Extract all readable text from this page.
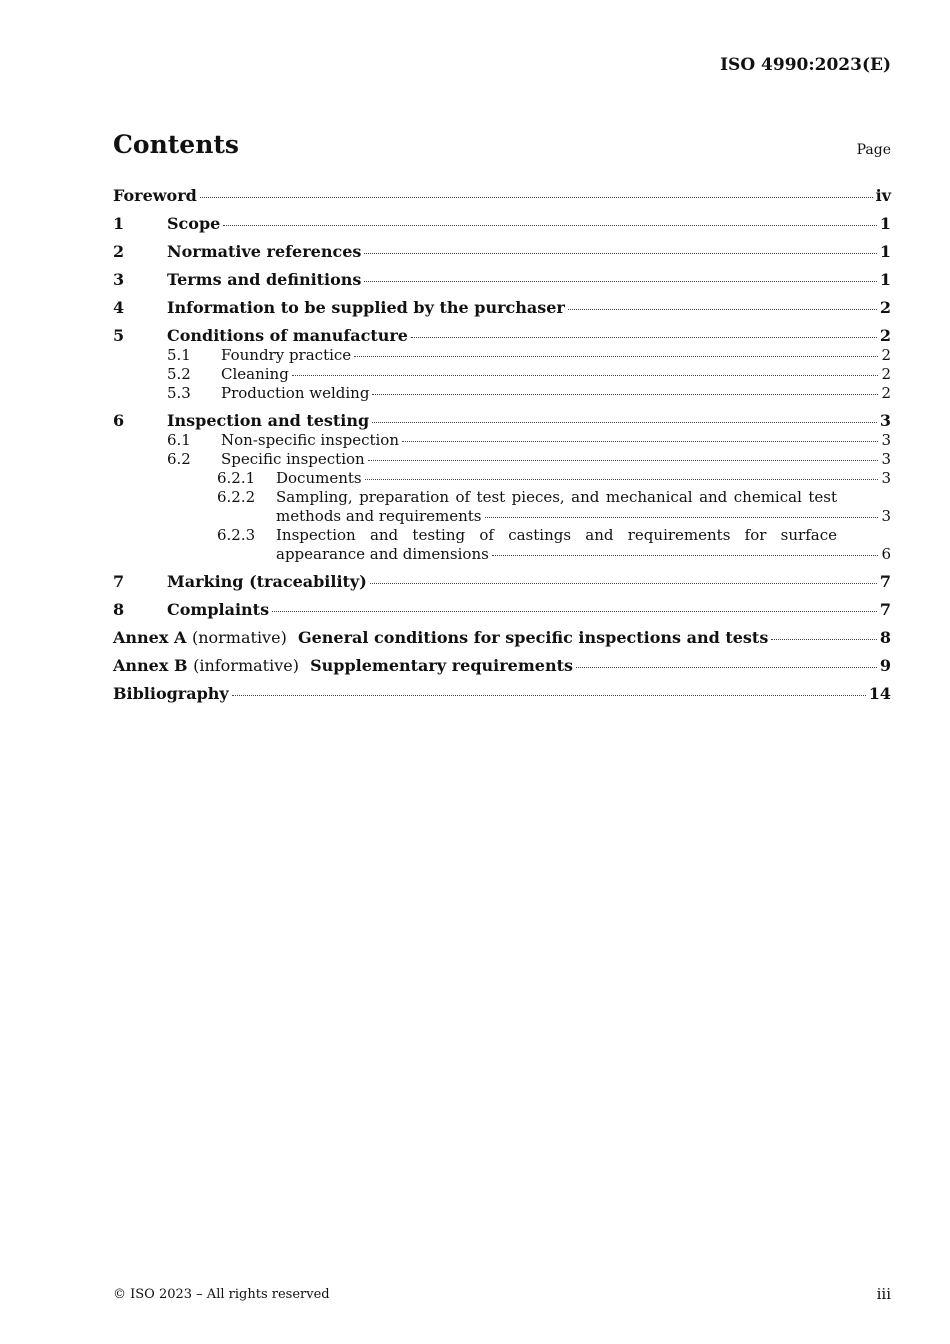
ISO 4990:2023(E)
Contents	Page
Foreword	iv
1	Scope	1
2	Normative references	1
3	Terms and definitions	1
4	Information to be supplied by the purchaser	2
5	Conditions of manufacture	2
5.1	Foundry practice	2
5.2	Cleaning	2
5.3	Production welding	2
6	Inspection and testing	3
6.1	Non-specific inspection	3
6.2	Specific inspection	3
6.2.1	Documents	3
6.2.2	Sampling, preparation of test pieces, and mechanical and chemical test
methods and requirements	3
6.2.3	Inspection and testing of castings and requirements for surface
appearance and dimensions	6
7	Marking (traceability)	7
8	Complaints	7
Annex A (normative) General conditions for specific inspections and tests	8
Annex B (informative) Supplementary requirements	9
Bibliography	14
© ISO 2023 – All rights reserved	iii
